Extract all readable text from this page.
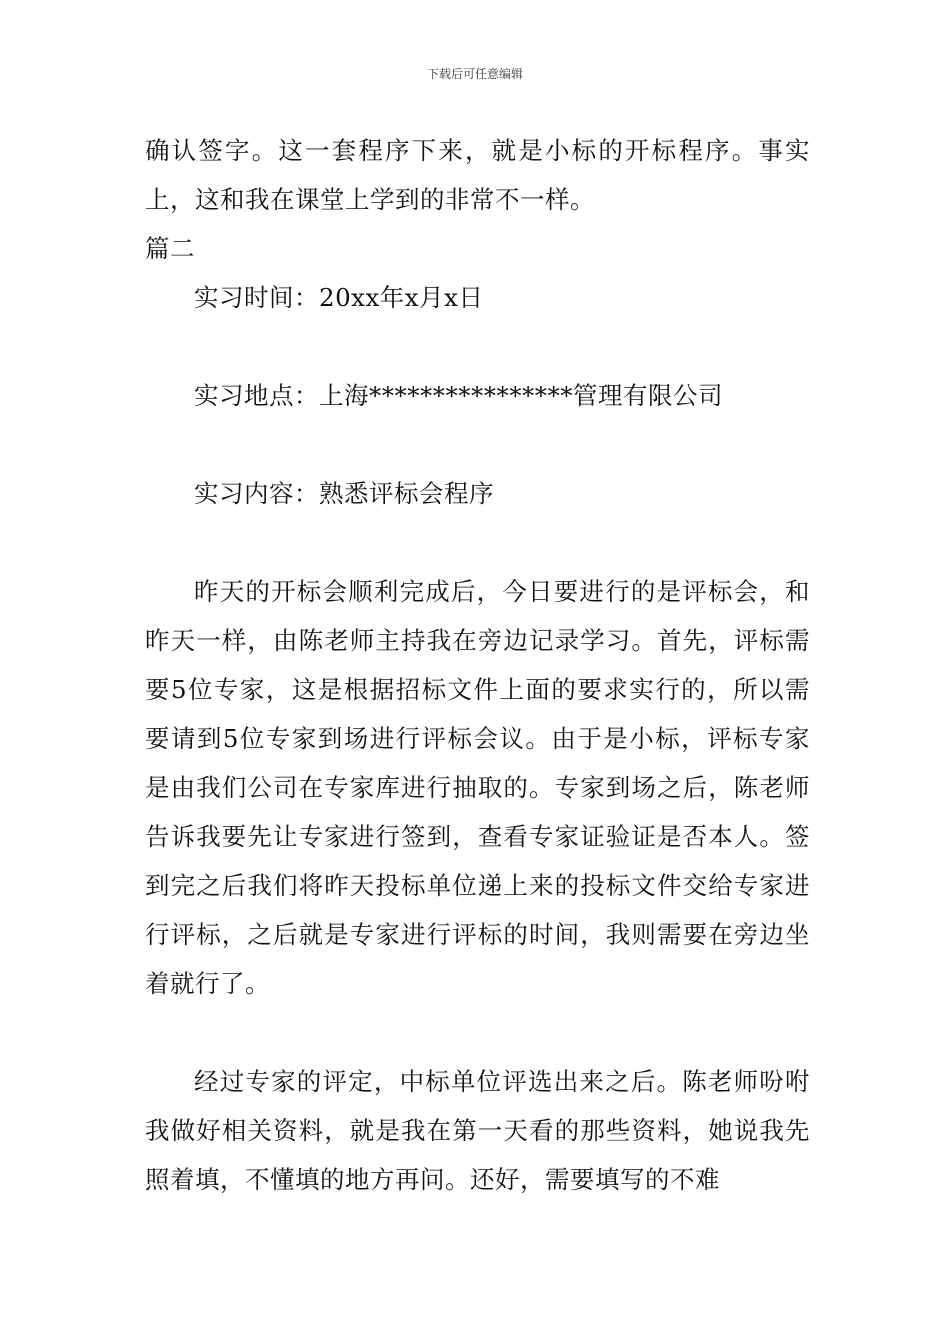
下载后可任意编辑

确认签字。这一套程序下来，就是小标的开标程序。事实上，这和我在课堂上学到的非常不一样。

篇二

实习时间：20xx年x月x日

实习地点：上海****************管理有限公司

实习内容：熟悉评标会程序

昨天的开标会顺利完成后，今日要进行的是评标会，和昨天一样，由陈老师主持我在旁边记录学习。首先，评标需要5位专家，这是根据招标文件上面的要求实行的，所以需要请到5位专家到场进行评标会议。由于是小标，评标专家是由我们公司在专家库进行抽取的。专家到场之后，陈老师告诉我要先让专家进行签到，查看专家证验证是否本人。签到完之后我们将昨天投标单位递上来的投标文件交给专家进行评标，之后就是专家进行评标的时间，我则需要在旁边坐着就行了。

经过专家的评定，中标单位评选出来之后。陈老师吩咐我做好相关资料，就是我在第一天看的那些资料，她说我先照着填，不懂填的地方再问。还好，需要填写的不难
